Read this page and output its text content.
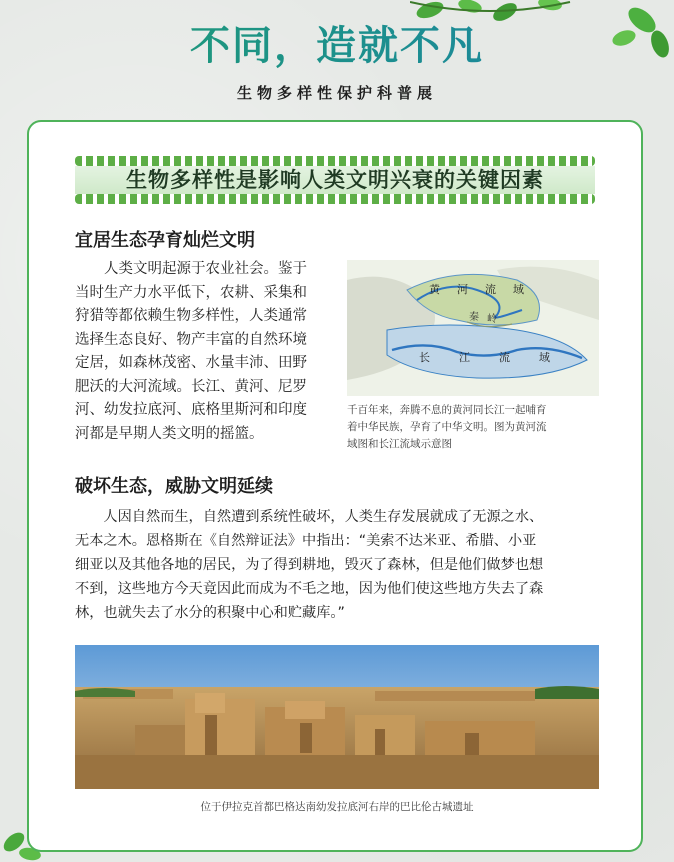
不同，造就不凡
生物多样性保护科普展
生物多样性是影响人类文明兴衰的关键因素
宜居生态孕育灿烂文明
人类文明起源于农业社会。鉴于
当时生产力水平低下，农耕、采集和
狩猎等都依赖生物多样性，人类通常
选择生态良好、物产丰富的自然环境
定居，如森林茂密、水量丰沛、田野
肥沃的大河流域。长江、黄河、尼罗
河、幼发拉底河、底格里斯河和印度
河都是早期人类文明的摇篮。
黄 河 流 域
秦 岭
长	江	流	域
千百年来，奔腾不息的黄河同长江一起哺育
着中华民族，孕育了中华文明。图为黄河流
域图和长江流域示意图
破坏生态，威胁文明延续
人因自然而生，自然遭到系统性破坏，人类生存发展就成了无源之水、
无本之木。恩格斯在《自然辩证法》中指出：“美索不达米亚、希腊、小亚
细亚以及其他各地的居民，为了得到耕地，毁灭了森林，但是他们做梦也想
不到，这些地方今天竟因此而成为不毛之地，因为他们使这些地方失去了森
林，也就失去了水分的积聚中心和贮藏库。”
位于伊拉克首都巴格达南幼发拉底河右岸的巴比伦古城遗址
